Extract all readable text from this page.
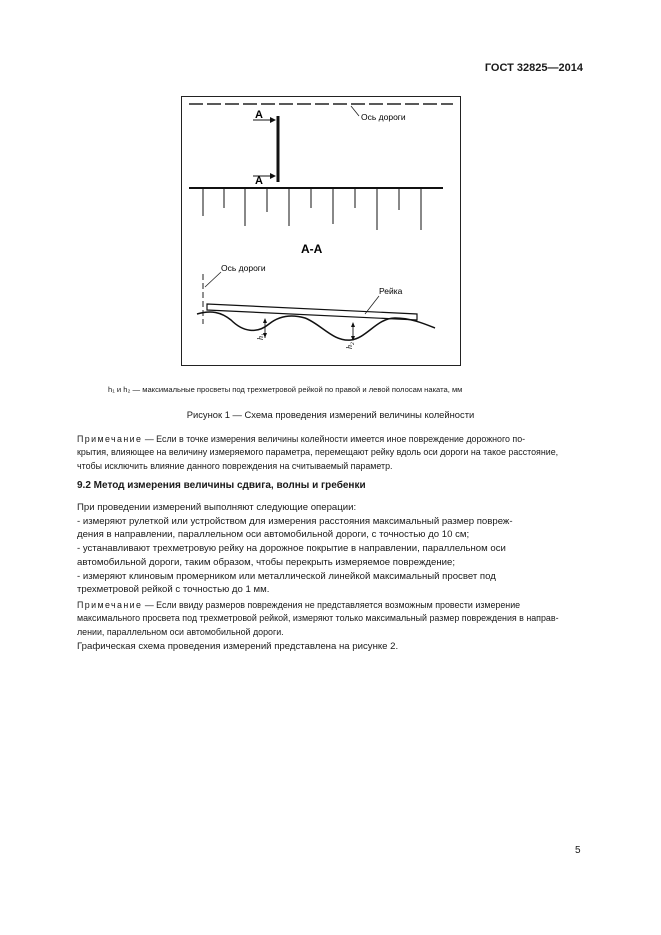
ГОСТ 32825—2014
Ось дороги
А
А
А-А
Ось дороги
Рейка
$h_1$
$h_2$
h₁ и h₂ — максимальные просветы под трехметровой рейкой по правой и левой полосам наката, мм
Рисунок 1 — Схема проведения измерений величины колейности
Примечание — Если в точке измерения величины колейности имеется иное повреждение дорожного по-
крытия, влияющее на величину измеряемого параметра, перемещают рейку вдоль оси дороги на такое расстояние,
чтобы исключить влияние данного повреждения на считываемый параметр.
9.2 Метод измерения величины сдвига, волны и гребенки
При проведении измерений выполняют следующие операции:
- измеряют рулеткой или устройством для измерения расстояния максимальный размер повреж-
дения в направлении, параллельном оси автомобильной дороги, с точностью до 10 см;
- устанавливают трехметровую рейку на дорожное покрытие в направлении, параллельном оси
автомобильной дороги, таким образом, чтобы перекрыть измеряемое повреждение;
- измеряют клиновым промерником или металлической линейкой максимальный просвет под
трехметровой рейкой с точностью до 1 мм.
Примечание — Если ввиду размеров повреждения не представляется возможным провести измерение
максимального просвета под трехметровой рейкой, измеряют только максимальный размер повреждения в направ-
лении, параллельном оси автомобильной дороги.
Графическая схема проведения измерений представлена на рисунке 2.
5
